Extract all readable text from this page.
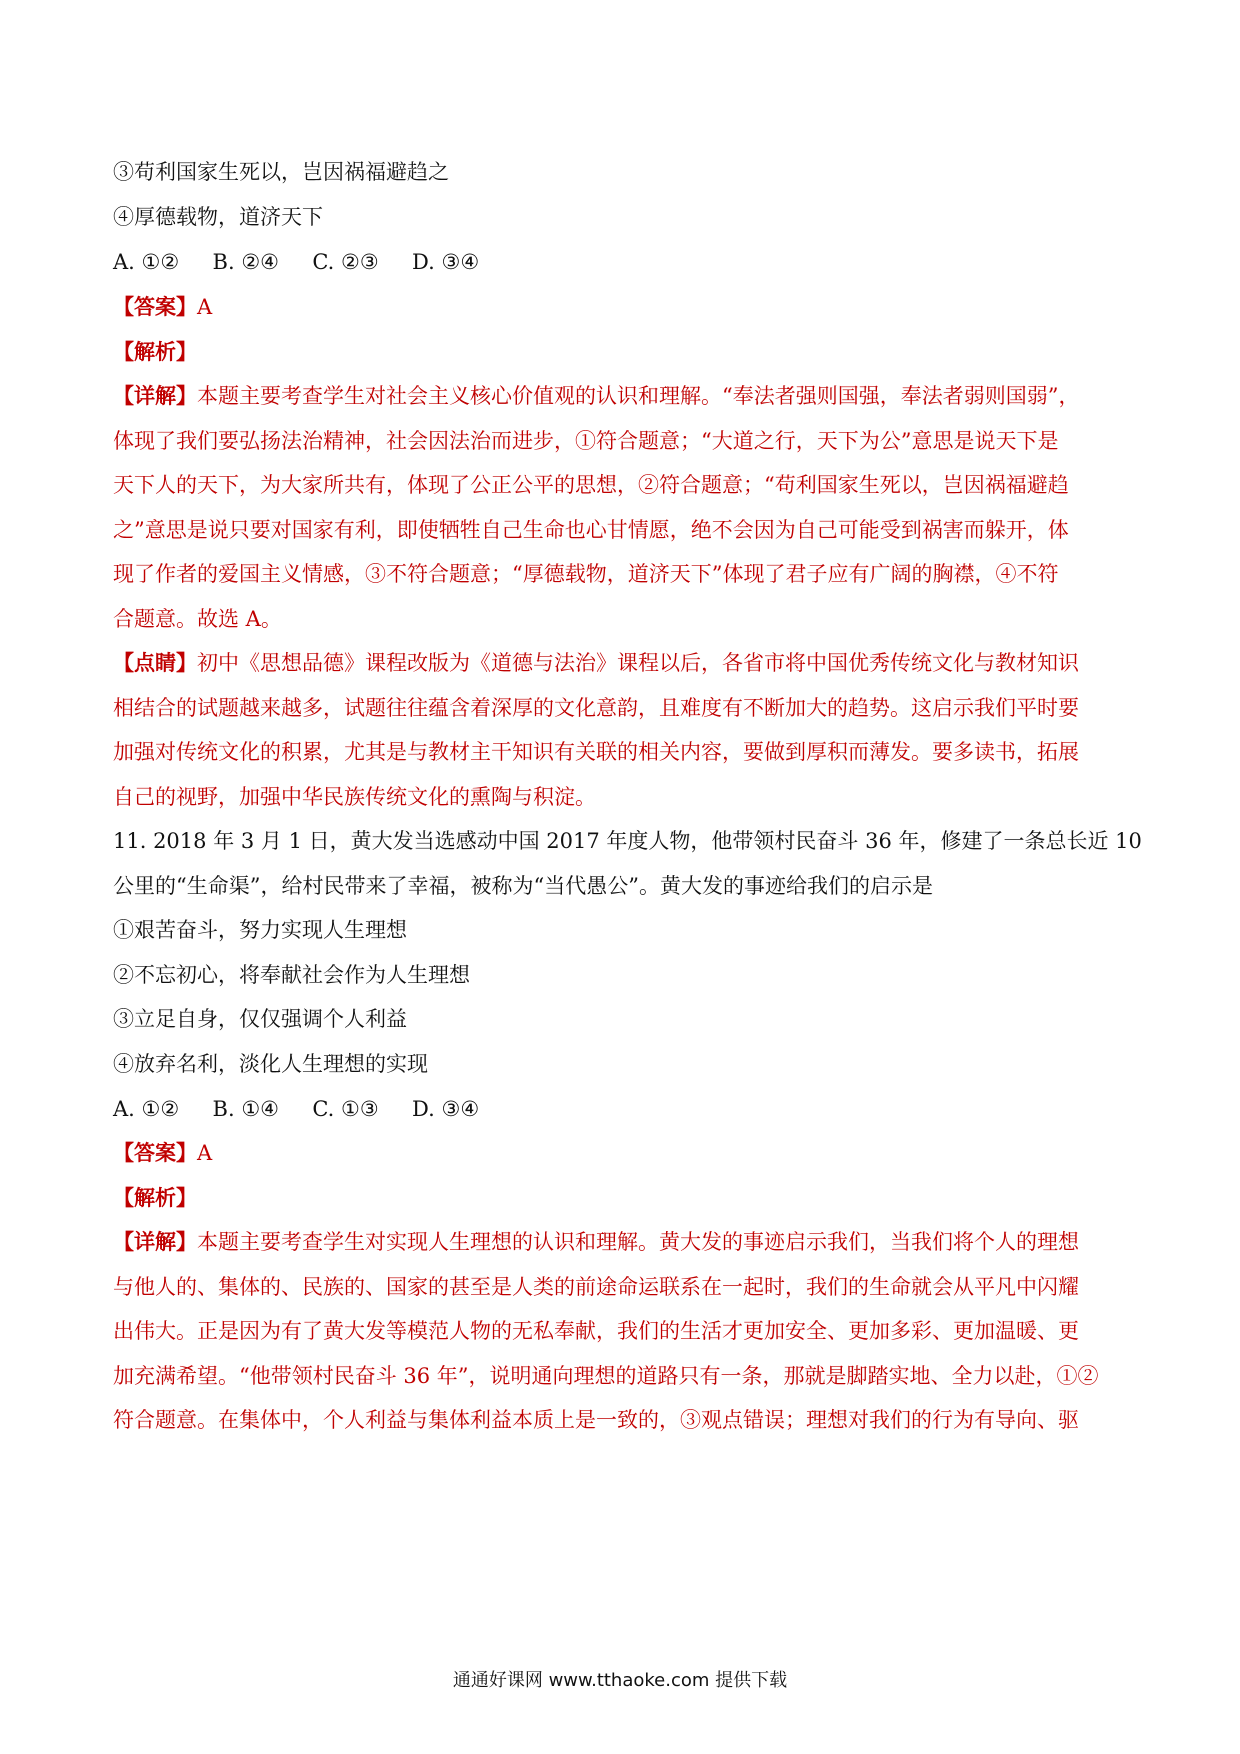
③苟利国家生死以，岂因祸福避趋之
④厚德载物，道济天下
A. ①②     B. ②④     C. ②③     D. ③④
【答案】A
【解析】
【详解】本题主要考查学生对社会主义核心价值观的认识和理解。“奉法者强则国强，奉法者弱则国弱”，
体现了我们要弘扬法治精神，社会因法治而进步，①符合题意；“大道之行，天下为公”意思是说天下是
天下人的天下，为大家所共有，体现了公正公平的思想，②符合题意；“苟利国家生死以，岂因祸福避趋
之”意思是说只要对国家有利，即使牺牲自己生命也心甘情愿，绝不会因为自己可能受到祸害而躲开，体
现了作者的爱国主义情感，③不符合题意；“厚德载物，道济天下”体现了君子应有广阔的胸襟，④不符
合题意。故选 A。
【点睛】初中《思想品德》课程改版为《道德与法治》课程以后，各省市将中国优秀传统文化与教材知识
相结合的试题越来越多，试题往往蕴含着深厚的文化意韵，且难度有不断加大的趋势。这启示我们平时要
加强对传统文化的积累，尤其是与教材主干知识有关联的相关内容，要做到厚积而薄发。要多读书，拓展
自己的视野，加强中华民族传统文化的熏陶与积淀。
11. 2018 年 3 月 1 日，黄大发当选感动中国 2017 年度人物，他带领村民奋斗 36 年，修建了一条总长近 10
公里的“生命渠”，给村民带来了幸福，被称为“当代愚公”。黄大发的事迹给我们的启示是
①艰苦奋斗，努力实现人生理想
②不忘初心，将奉献社会作为人生理想
③立足自身，仅仅强调个人利益
④放弃名利，淡化人生理想的实现
A. ①②     B. ①④     C. ①③     D. ③④
【答案】A
【解析】
【详解】本题主要考查学生对实现人生理想的认识和理解。黄大发的事迹启示我们，当我们将个人的理想
与他人的、集体的、民族的、国家的甚至是人类的前途命运联系在一起时，我们的生命就会从平凡中闪耀
出伟大。正是因为有了黄大发等模范人物的无私奉献，我们的生活才更加安全、更加多彩、更加温暖、更
加充满希望。“他带领村民奋斗 36 年”，说明通向理想的道路只有一条，那就是脚踏实地、全力以赴，①②
符合题意。在集体中，个人利益与集体利益本质上是一致的，③观点错误；理想对我们的行为有导向、驱
通通好课网 www.tthaoke.com 提供下载
